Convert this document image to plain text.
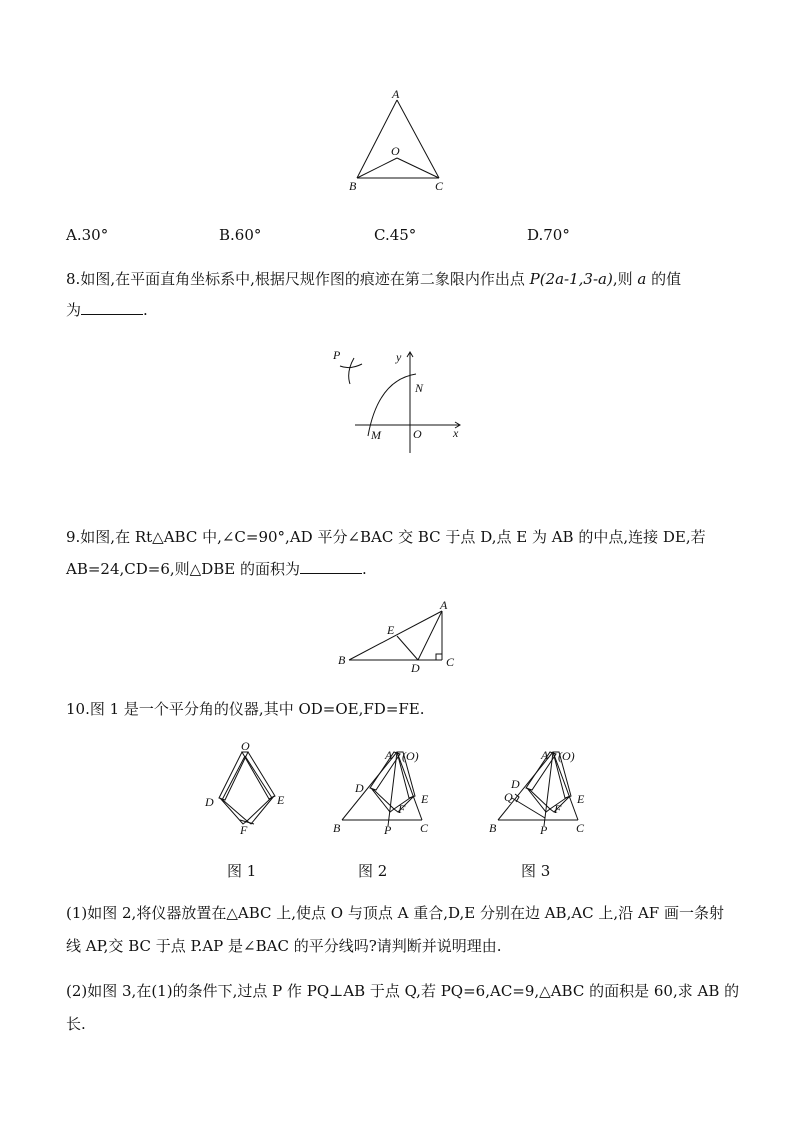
A
O
B	C
A.30°	B.60°	C.45°	D.70°
8.如图,在平面直角坐标系中,根据尺规作图的痕迹在第二象限内作出点 P(2a-1,3-a),则 a 的值
为	.
P	y
N
M	O	x
9.如图,在 Rt△ABC 中,∠C=90°,AD 平分∠BAC 交 BC 于点 D,点 E 为 AB 的中点,连接 DE,若
AB=24,CD=6,则△DBE 的面积为	.
A
E
B
D C
10.图 1 是一个平分角的仪器,其中 OD=OE,FD=FE.
O
D	E
F
A (O)
D
E
F
B	P C
A (O)
D
Q	E
F
B	P C
图 1	图 2	图 3
(1)如图 2,将仪器放置在△ABC 上,使点 O 与顶点 A 重合,D,E 分别在边 AB,AC 上,沿 AF 画一条射
线 AP,交 BC 于点 P.AP 是∠BAC 的平分线吗?请判断并说明理由.
(2)如图 3,在(1)的条件下,过点 P 作 PQ⊥AB 于点 Q,若 PQ=6,AC=9,△ABC 的面积是 60,求 AB 的
长.
